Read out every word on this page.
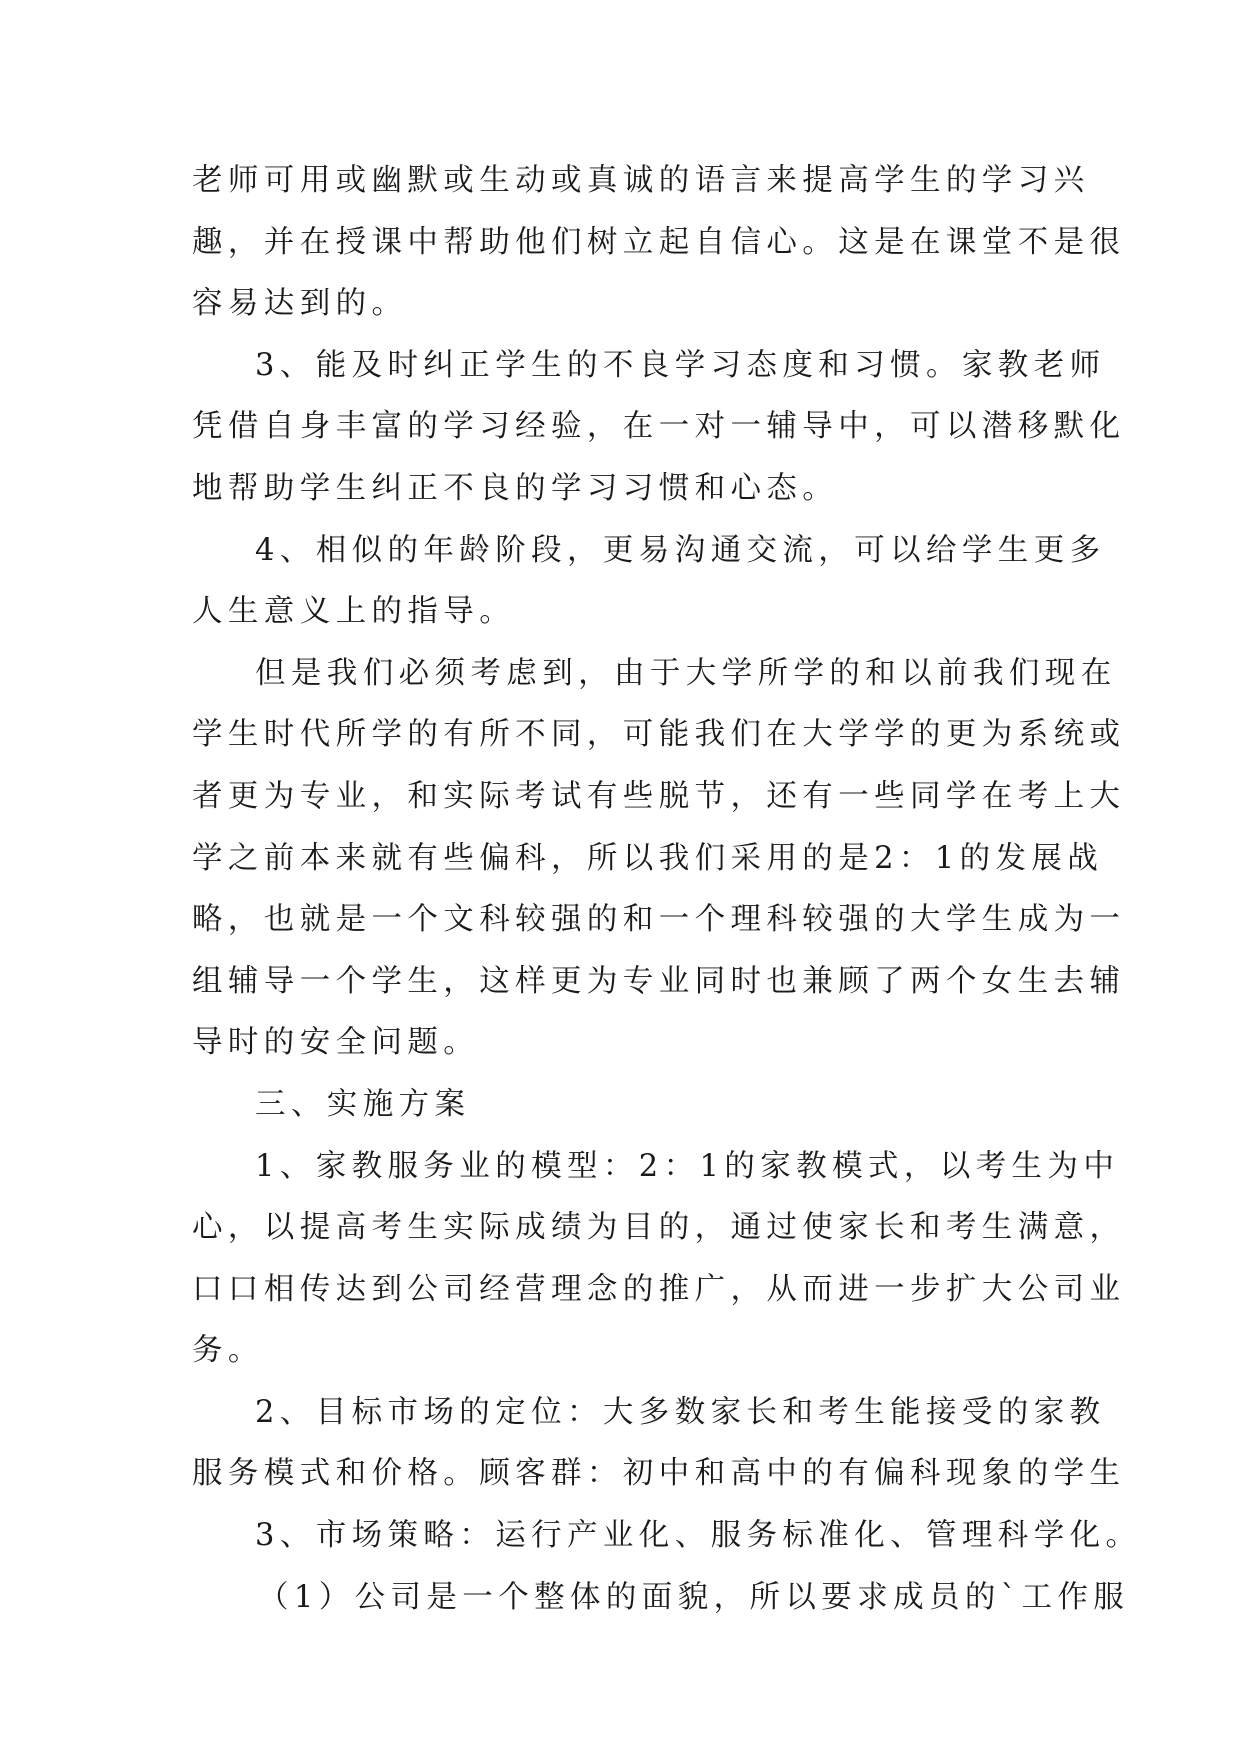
老师可用或幽默或生动或真诚的语言来提高学生的学习兴
趣，并在授课中帮助他们树立起自信心。这是在课堂不是很
容易达到的。
3、能及时纠正学生的不良学习态度和习惯。家教老师
凭借自身丰富的学习经验，在一对一辅导中，可以潜移默化
地帮助学生纠正不良的学习习惯和心态。
4、相似的年龄阶段，更易沟通交流，可以给学生更多
人生意义上的指导。
但是我们必须考虑到，由于大学所学的和以前我们现在
学生时代所学的有所不同，可能我们在大学学的更为系统或
者更为专业，和实际考试有些脱节，还有一些同学在考上大
学之前本来就有些偏科，所以我们采用的是2：1的发展战
略，也就是一个文科较强的和一个理科较强的大学生成为一
组辅导一个学生，这样更为专业同时也兼顾了两个女生去辅
导时的安全问题。
三、实施方案
1、家教服务业的模型：2：1的家教模式，以考生为中
心，以提高考生实际成绩为目的，通过使家长和考生满意，
口口相传达到公司经营理念的推广，从而进一步扩大公司业
务。
2、目标市场的定位：大多数家长和考生能接受的家教
服务模式和价格。顾客群：初中和高中的有偏科现象的学生
3、市场策略：运行产业化、服务标准化、管理科学化。
（1）公司是一个整体的面貌，所以要求成员的`工作服
